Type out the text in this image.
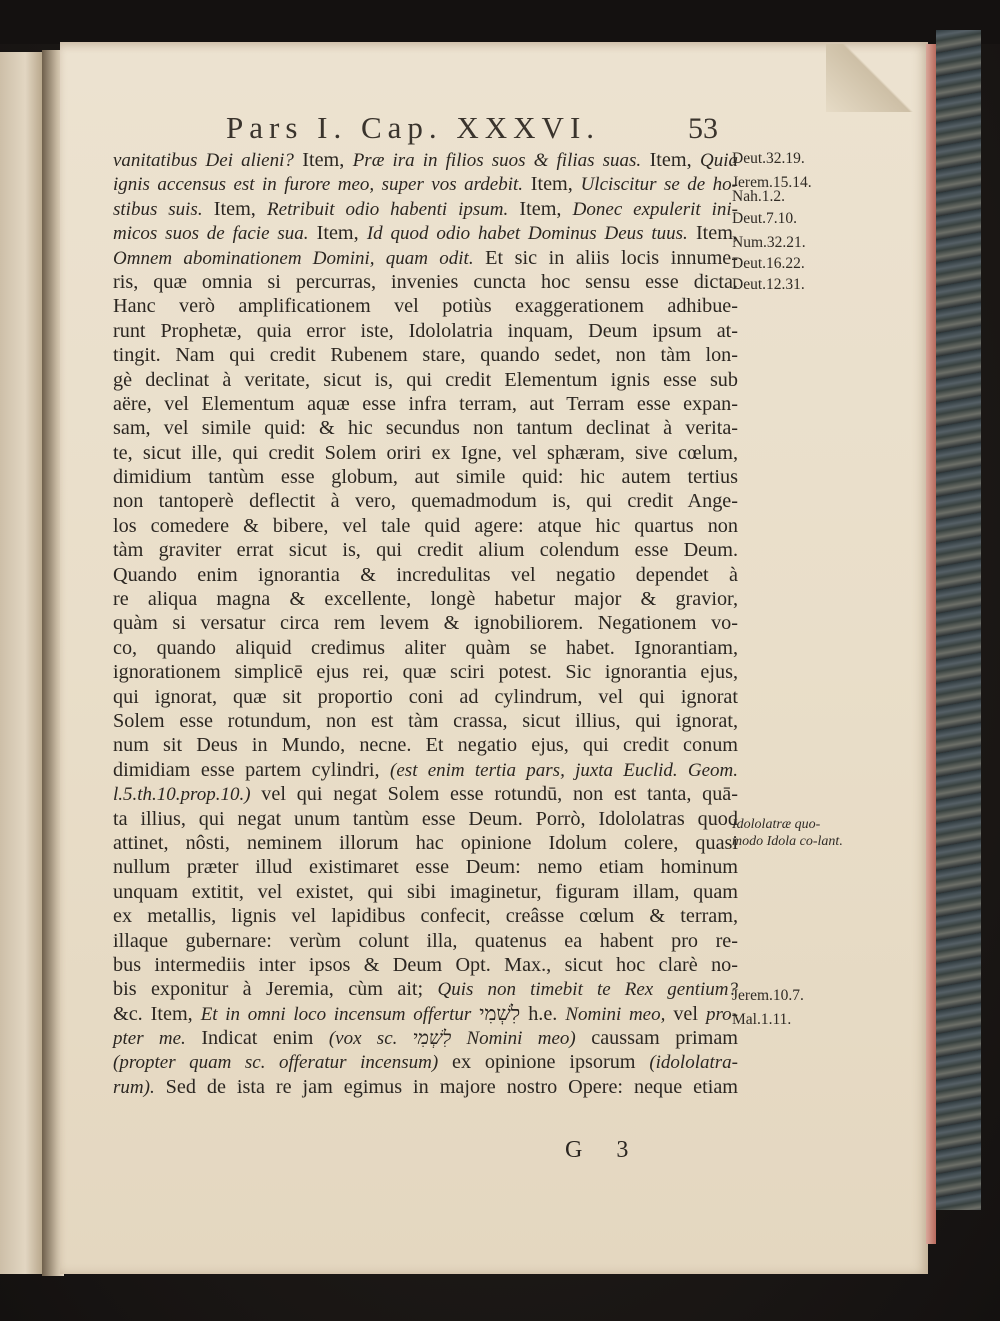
Pars I. Cap. XXXVI.	53
vanitatibus Dei alieni? Item, Præ ira in filios suos & filias suas. Item, Quia
ignis accensus est in furore meo, super vos ardebit. Item, Ulciscitur se de ho-
stibus suis. Item, Retribuit odio habenti ipsum. Item, Donec expulerit ini-
micos suos de facie sua. Item, Id quod odio habet Dominus Deus tuus. Item,
Omnem abominationem Domini, quam odit. Et sic in aliis locis innume-
ris, quæ omnia si percurras, invenies cuncta hoc sensu esse dicta.
Hanc verò amplificationem vel potiùs exaggerationem adhibue-
runt Prophetæ, quia error iste, Idololatria inquam, Deum ipsum at-
tingit. Nam qui credit Rubenem stare, quando sedet, non tàm lon-
gè declinat à veritate, sicut is, qui credit Elementum ignis esse sub
aëre, vel Elementum aquæ esse infra terram, aut Terram esse expan-
sam, vel simile quid: & hic secundus non tantum declinat à verita-
te, sicut ille, qui credit Solem oriri ex Igne, vel sphæram, sive cœlum,
dimidium tantùm esse globum, aut simile quid: hic autem tertius
non tantoperè deflectit à vero, quemadmodum is, qui credit Ange-
los comedere & bibere, vel tale quid agere: atque hic quartus non
tàm graviter errat sicut is, qui credit alium colendum esse Deum.
Quando enim ignorantia & incredulitas vel negatio dependet à
re aliqua magna & excellente, longè habetur major & gravior,
quàm si versatur circa rem levem & ignobiliorem. Negationem vo-
co, quando aliquid credimus aliter quàm se habet. Ignorantiam,
ignorationem simplicē ejus rei, quæ sciri potest. Sic ignorantia ejus,
qui ignorat, quæ sit proportio coni ad cylindrum, vel qui ignorat
Solem esse rotundum, non est tàm crassa, sicut illius, qui ignorat,
num sit Deus in Mundo, necne. Et negatio ejus, qui credit conum
dimidiam esse partem cylindri, (est enim tertia pars, juxta Euclid. Geom.
l.5.th.10.prop.10.) vel qui negat Solem esse rotundū, non est tanta, quā-
ta illius, qui negat unum tantùm esse Deum. Porrò, Idololatras quod
attinet, nôsti, neminem illorum hac opinione Idolum colere, quasi
nullum præter illud existimaret esse Deum: nemo etiam hominum
unquam extitit, vel existet, qui sibi imaginetur, figuram illam, quam
ex metallis, lignis vel lapidibus confecit, creâsse cœlum & terram,
illaque gubernare: verùm colunt illa, quatenus ea habent pro re-
bus intermediis inter ipsos & Deum Opt. Max., sicut hoc clarè no-
bis exponitur à Jeremia, cùm ait; Quis non timebit te Rex gentium?
&c. Item, Et in omni loco incensum offertur לִשְׁמִי h.e. Nomini meo, vel pro-
pter me. Indicat enim (vox sc. לִשְׁמִי Nomini meo) caussam primam
(propter quam sc. offeratur incensum) ex opinione ipsorum (idololatra-
rum). Sed de ista re jam egimus in majore nostro Opere: neque etiam
Deut.32.19.
Jerem.15.14.
Nah.1.2.
Deut.7.10.
Num.32.21.
Deut.16.22.
Deut.12.31.
Idololatræ quo-modo Idola co-lant.
Jerem.10.7.
Mal.1.11.
G 3
